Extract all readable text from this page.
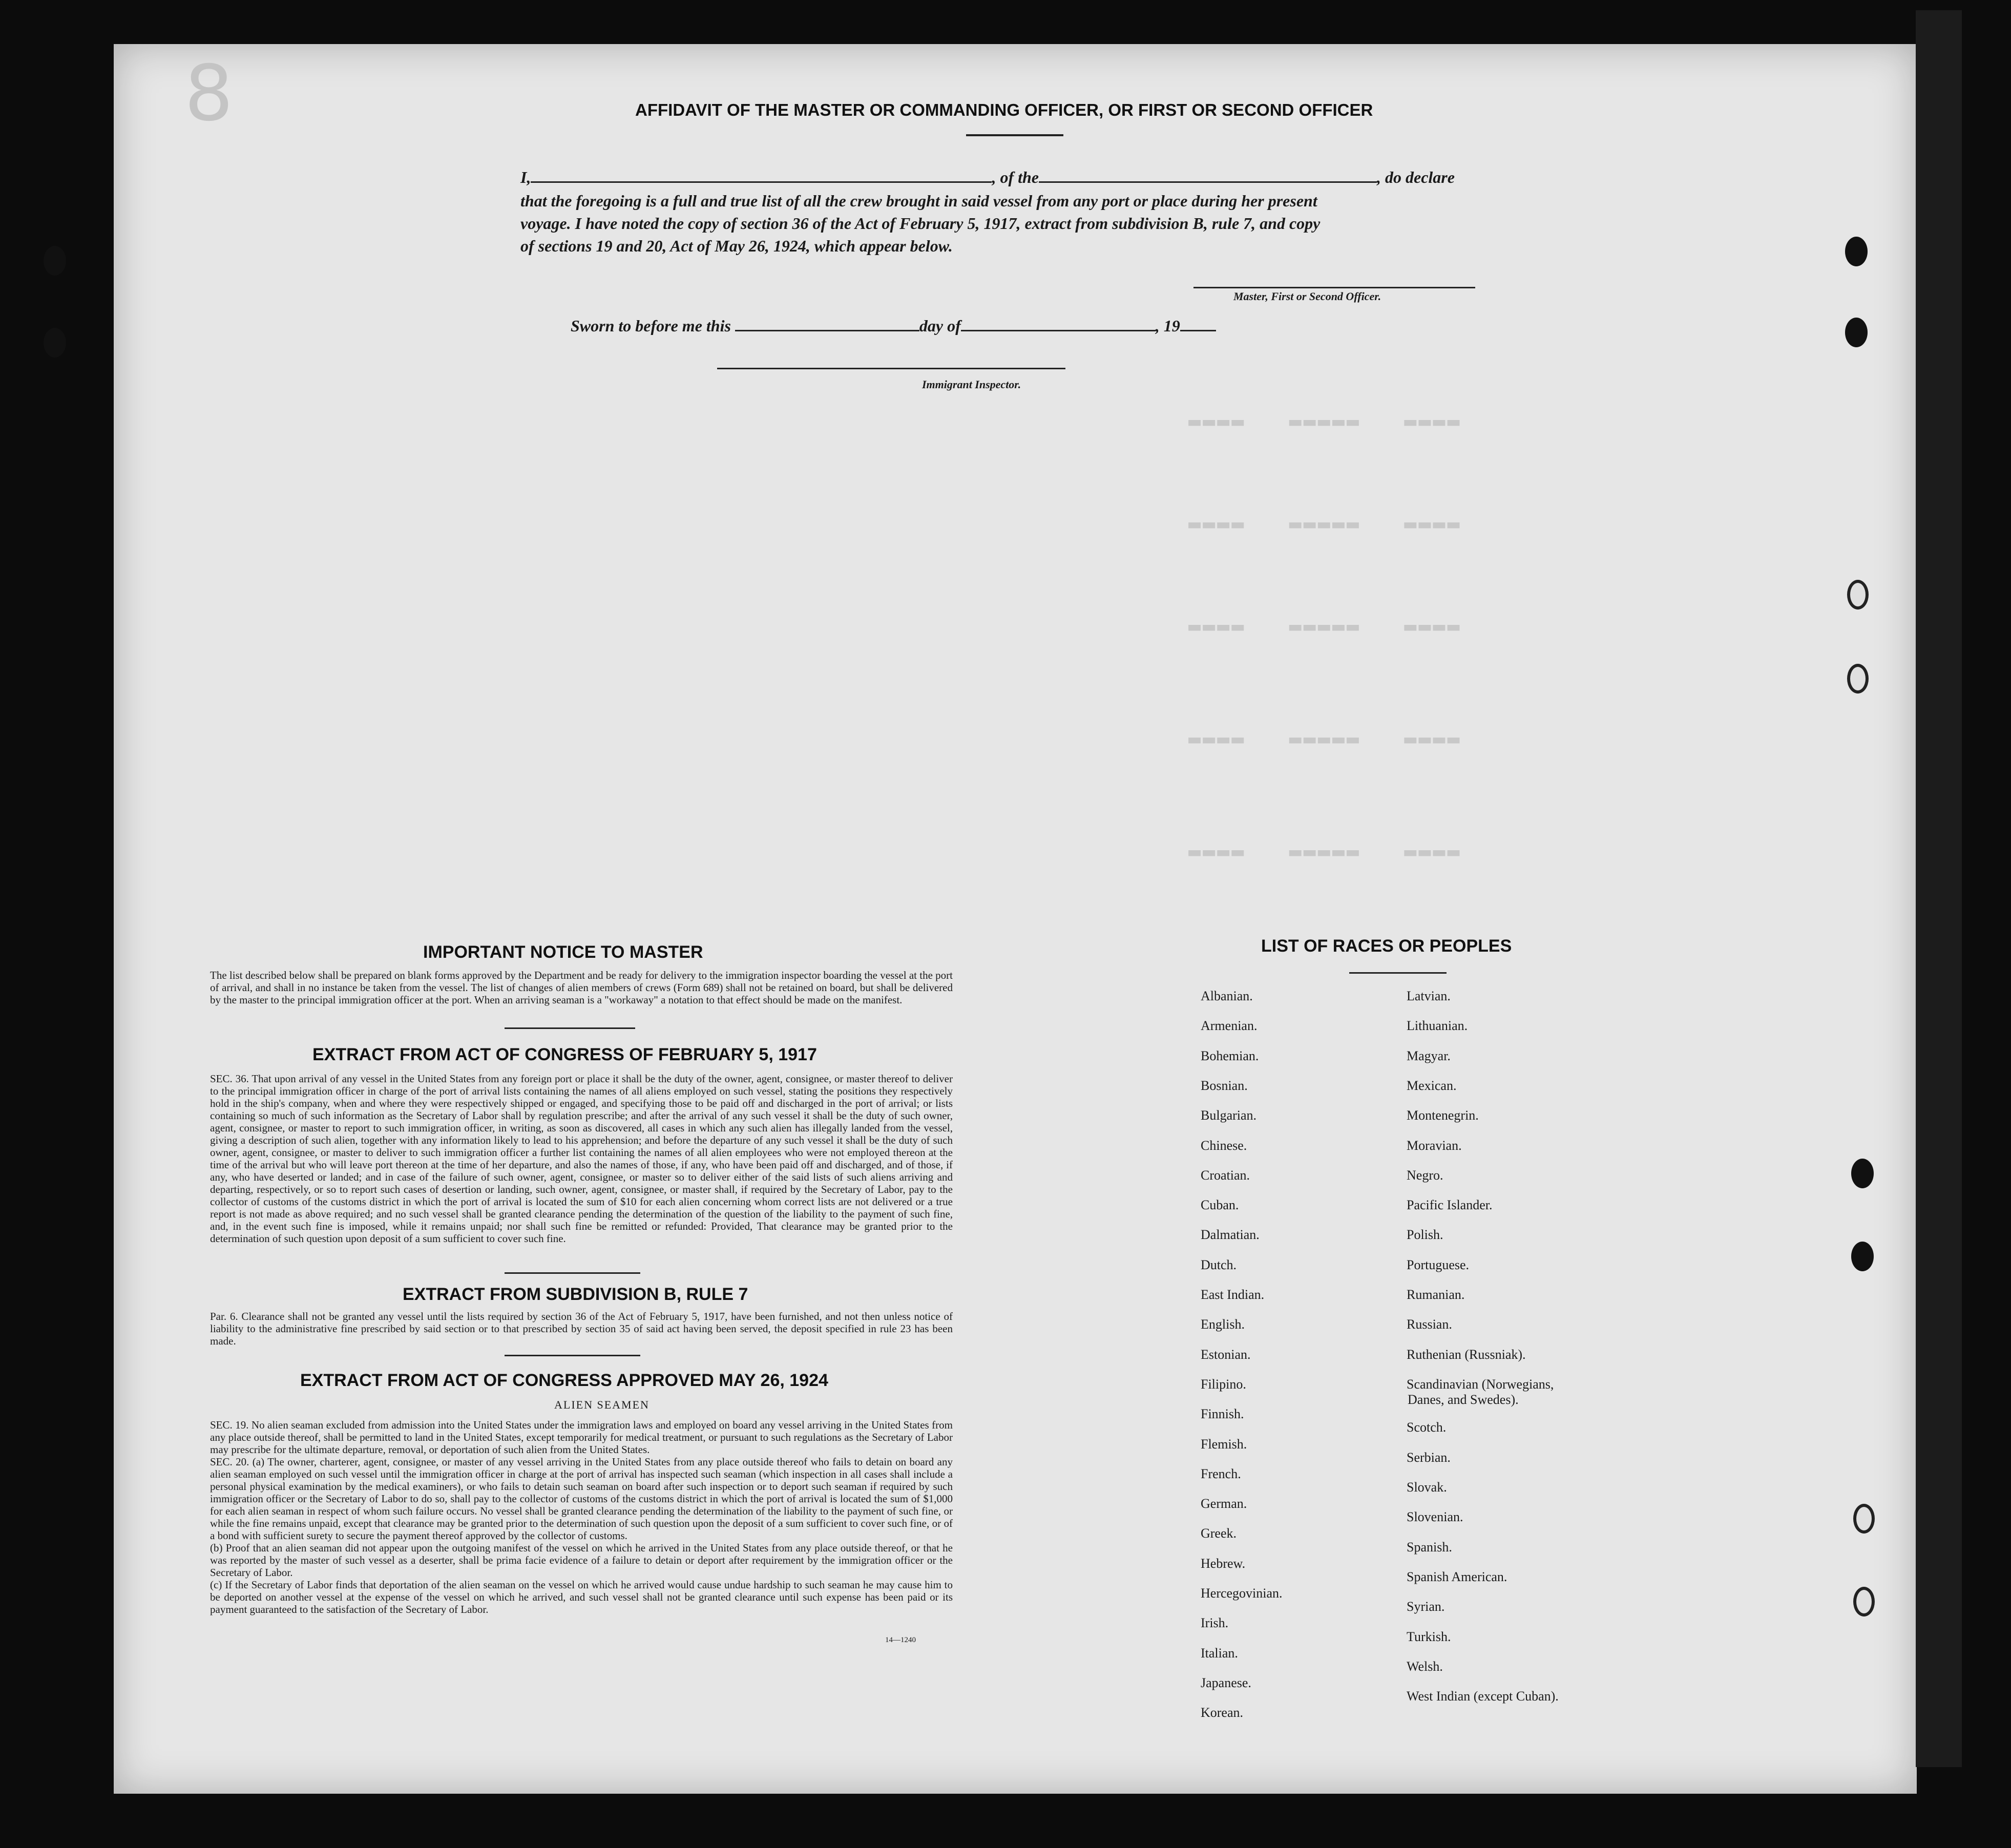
▬▬▬▬   ▬▬▬▬▬   ▬▬▬▬
▬▬▬▬   ▬▬▬▬▬   ▬▬▬▬
▬▬▬▬   ▬▬▬▬▬   ▬▬▬▬
▬▬▬▬   ▬▬▬▬▬   ▬▬▬▬
▬▬▬▬   ▬▬▬▬▬   ▬▬▬▬
8	AFFIDAVIT OF THE MASTER OR COMMANDING OFFICER, OR FIRST OR SECOND OFFICER
I,	, of the	, do declare
that the foregoing is a full and true list of all the crew brought in said vessel from any port or place during her present
voyage. I have noted the copy of section 36 of the Act of February 5, 1917, extract from subdivision B, rule 7, and copy
of sections 19 and 20, Act of May 26, 1924, which appear below.
Master, First or Second Officer.
Sworn to before me this	day of	, 19
Immigrant Inspector.
IMPORTANT NOTICE TO MASTER
The list described below shall be prepared on blank forms approved by the Department and be ready for delivery to the immigration inspector boarding the vessel at the port of arrival, and shall in no instance be taken from the vessel. The list of changes of alien members of crews (Form 689) shall not be retained on board, but shall be delivered by the master to the principal immigration officer at the port. When an arriving seaman is a "workaway" a notation to that effect should be made on the manifest.
EXTRACT FROM ACT OF CONGRESS OF FEBRUARY 5, 1917
SEC. 36. That upon arrival of any vessel in the United States from any foreign port or place it shall be the duty of the owner, agent, consignee, or master thereof to deliver to the principal immigration officer in charge of the port of arrival lists containing the names of all aliens employed on such vessel, stating the positions they respectively hold in the ship's company, when and where they were respectively shipped or engaged, and specifying those to be paid off and discharged in the port of arrival; or lists containing so much of such information as the Secretary of Labor shall by regulation prescribe; and after the arrival of any such vessel it shall be the duty of such owner, agent, consignee, or master to report to such immigration officer, in writing, as soon as discovered, all cases in which any such alien has illegally landed from the vessel, giving a description of such alien, together with any information likely to lead to his apprehension; and before the departure of any such vessel it shall be the duty of such owner, agent, consignee, or master to deliver to such immigration officer a further list containing the names of all alien employees who were not employed thereon at the time of the arrival but who will leave port thereon at the time of her departure, and also the names of those, if any, who have been paid off and discharged, and of those, if any, who have deserted or landed; and in case of the failure of such owner, agent, consignee, or master so to deliver either of the said lists of such aliens arriving and departing, respectively, or so to report such cases of desertion or landing, such owner, agent, consignee, or master shall, if required by the Secretary of Labor, pay to the collector of customs of the customs district in which the port of arrival is located the sum of $10 for each alien concerning whom correct lists are not delivered or a true report is not made as above required; and no such vessel shall be granted clearance pending the determination of the question of the liability to the payment of such fine, and, in the event such fine is imposed, while it remains unpaid; nor shall such fine be remitted or refunded: Provided, That clearance may be granted prior to the determination of such question upon deposit of a sum sufficient to cover such fine.
EXTRACT FROM SUBDIVISION B, RULE 7
Par. 6. Clearance shall not be granted any vessel until the lists required by section 36 of the Act of February 5, 1917, have been furnished, and not then unless notice of liability to the administrative fine prescribed by said section or to that prescribed by section 35 of said act having been served, the deposit specified in rule 23 has been made.
EXTRACT FROM ACT OF CONGRESS APPROVED MAY 26, 1924
ALIEN SEAMEN
SEC. 19. No alien seaman excluded from admission into the United States under the immigration laws and employed on board any vessel arriving in the United States from any place outside thereof, shall be permitted to land in the United States, except temporarily for medical treatment, or pursuant to such regulations as the Secretary of Labor may prescribe for the ultimate departure, removal, or deportation of such alien from the United States.
SEC. 20. (a) The owner, charterer, agent, consignee, or master of any vessel arriving in the United States from any place outside thereof who fails to detain on board any alien seaman employed on such vessel until the immigration officer in charge at the port of arrival has inspected such seaman (which inspection in all cases shall include a personal physical examination by the medical examiners), or who fails to detain such seaman on board after such inspection or to deport such seaman if required by such immigration officer or the Secretary of Labor to do so, shall pay to the collector of customs of the customs district in which the port of arrival is located the sum of $1,000 for each alien seaman in respect of whom such failure occurs. No vessel shall be granted clearance pending the determination of the liability to the payment of such fine, or while the fine remains unpaid, except that clearance may be granted prior to the determination of such question upon the deposit of a sum sufficient to cover such fine, or of a bond with sufficient surety to secure the payment thereof approved by the collector of customs.
(b) Proof that an alien seaman did not appear upon the outgoing manifest of the vessel on which he arrived in the United States from any place outside thereof, or that he was reported by the master of such vessel as a deserter, shall be prima facie evidence of a failure to detain or deport after requirement by the immigration officer or the Secretary of Labor.
(c) If the Secretary of Labor finds that deportation of the alien seaman on the vessel on which he arrived would cause undue hardship to such seaman he may cause him to be deported on another vessel at the expense of the vessel on which he arrived, and such vessel shall not be granted clearance until such expense has been paid or its payment guaranteed to the satisfaction of the Secretary of Labor.
14—1240
LIST OF RACES OR PEOPLES
Albanian.
Armenian.
Bohemian.
Bosnian.
Bulgarian.
Chinese.
Croatian.
Cuban.
Dalmatian.
Dutch.
East Indian.
English.
Estonian.
Filipino.
Finnish.
Flemish.
French.
German.
Greek.
Hebrew.
Hercegovinian.
Irish.
Italian.
Japanese.
Korean.
Latvian.
Lithuanian.
Magyar.
Mexican.
Montenegrin.
Moravian.
Negro.
Pacific Islander.
Polish.
Portuguese.
Rumanian.
Russian.
Ruthenian (Russniak).
Scandinavian (Norwegians,
Danes, and Swedes).
Scotch.
Serbian.
Slovak.
Slovenian.
Spanish.
Spanish American.
Syrian.
Turkish.
Welsh.
West Indian (except Cuban).
